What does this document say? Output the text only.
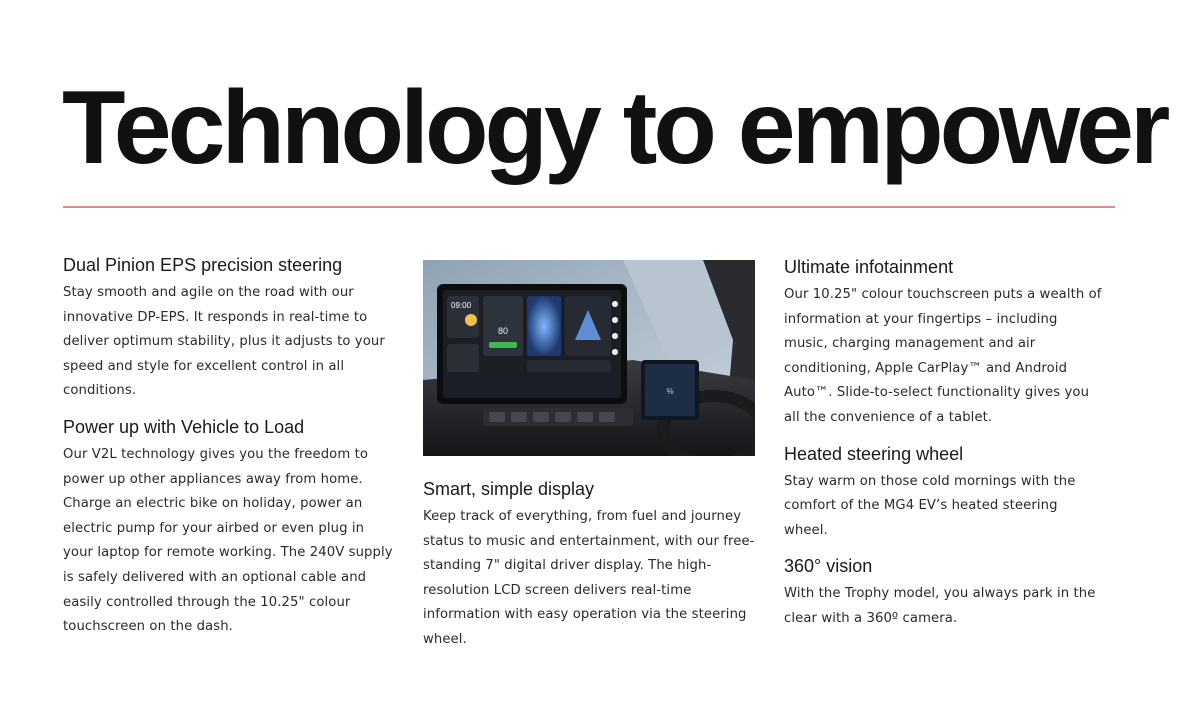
Technology to empower
Dual Pinion EPS precision steering

Stay smooth and agile on the road with our innovative DP-EPS. It responds in real-time to deliver optimum stability, plus it adjusts to your speed and style for excellent control in all conditions.

Power up with Vehicle to Load

Our V2L technology gives you the freedom to power up other appliances away from home. Charge an electric bike on holiday, power an electric pump for your airbed or even plug in your laptop for remote working. The 240V supply is safely delivered with an optional cable and easily controlled through the 10.25" colour touchscreen on the dash.

%
09:00
80
Smart, simple display

Keep track of everything, from fuel and journey status to music and entertainment, with our free-standing 7" digital driver display. The high-resolution LCD screen delivers real-time information with easy operation via the steering wheel.

Ultimate infotainment

Our 10.25" colour touchscreen puts a wealth of information at your fingertips – including music, charging management and air conditioning, Apple CarPlay™ and Android Auto™. Slide-to-select functionality gives you all the convenience of a tablet.

Heated steering wheel

Stay warm on those cold mornings with the comfort of the MG4 EV’s heated steering wheel.

360° vision

With the Trophy model, you always park in the clear with a 360º camera.
